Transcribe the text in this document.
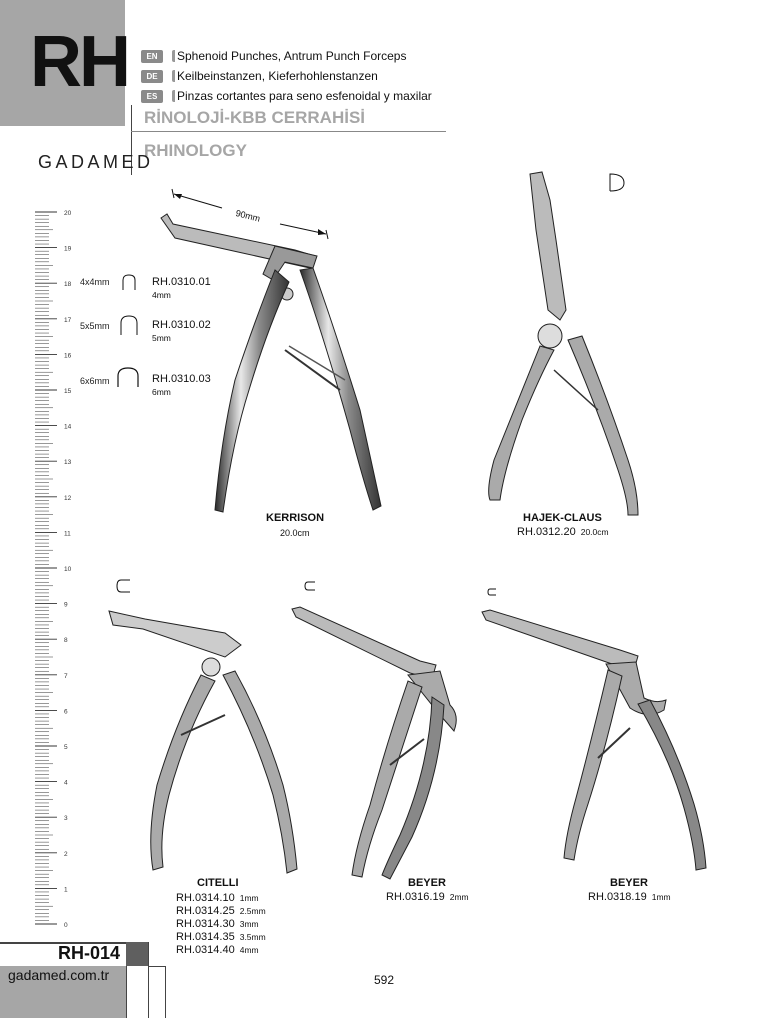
RH	EN	Sphenoid Punches, Antrum Punch Forceps
DE	Keilbeinstanzen, Kieferhohlenstanzen
ES	Pinzas cortantes para seno esfenoidal y maxilar
RİNOLOJİ-KBB CERRAHİSİ
RHINOLOGY
GADAMED
20
19
18
17
16
15
14
13
12
11
10
9
8
7
6
5
4
3
2
1
0
90mm
4x4mm	RH.0310.01
4mm
5x5mm	RH.0310.02
5mm
6x6mm	RH.0310.03
6mm
KERRISON
20.0cm
HAJEK-CLAUS
RH.0312.20 20.0cm
CITELLI
RH.0314.10 1mm
RH.0314.25 2.5mm
RH.0314.30 3mm
RH.0314.35 3.5mm
RH.0314.40 4mm
BEYER
RH.0316.19 2mm
BEYER
RH.0318.19 1mm
RH-014
gadamed.com.tr	592
